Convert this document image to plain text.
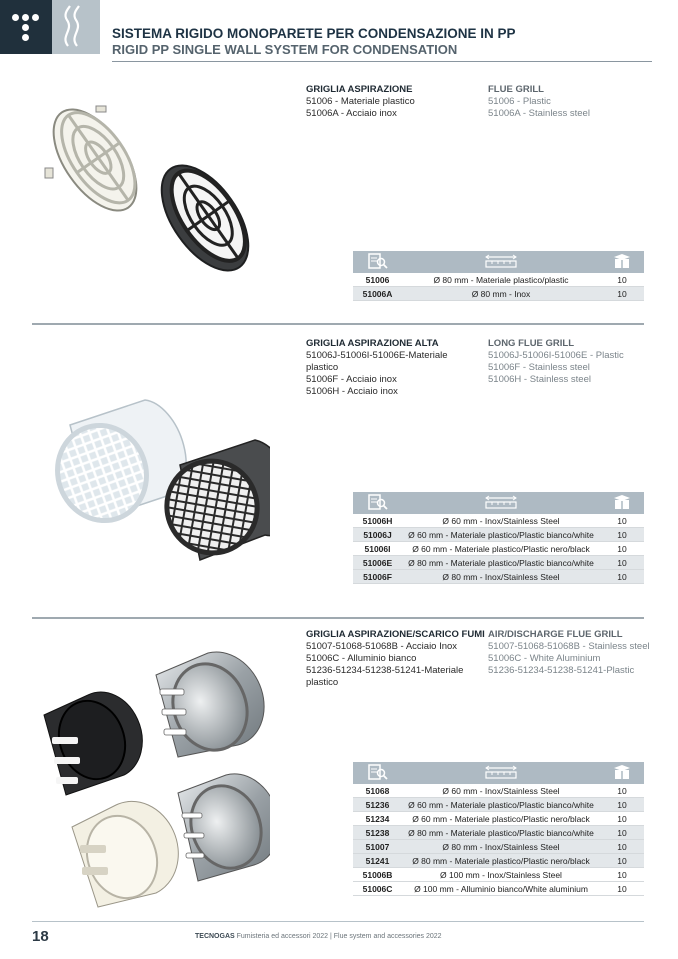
SISTEMA RIGIDO MONOPARETE PER CONDENSAZIONE IN PP
RIGID PP SINGLE WALL SYSTEM FOR CONDENSATION
GRIGLIA ASPIRAZIONE
51006 - Materiale plastico
51006A - Acciaio inox
FLUE GRILL
51006 - Plastic
51006A - Stainless steel

51006	Ø 80 mm - Materiale plastico/plastic	10
51006A	Ø 80 mm - Inox	10
GRIGLIA ASPIRAZIONE ALTA
51006J-51006I-51006E-Materiale
plastico
51006F - Acciaio inox
51006H - Acciaio inox
LONG FLUE GRILL
51006J-51006I-51006E - Plastic
51006F - Stainless steel
51006H - Stainless steel

51006H	Ø 60 mm - Inox/Stainless Steel	10
51006J	Ø 60 mm - Materiale plastico/Plastic bianco/white	10
51006I	Ø 60 mm - Materiale plastico/Plastic nero/black	10
51006E	Ø 80 mm - Materiale plastico/Plastic bianco/white	10
51006F	Ø 80 mm - Inox/Stainless Steel	10
GRIGLIA ASPIRAZIONE/SCARICO FUMI
51007-51068-51068B - Acciaio Inox
51006C - Alluminio bianco
51236-51234-51238-51241-Materiale
plastico
AIR/DISCHARGE FLUE GRILL
51007-51068-51068B - Stainless steel
51006C - White Aluminium
51236-51234-51238-51241-Plastic

51068	Ø 60 mm - Inox/Stainless Steel	10
51236	Ø 60 mm - Materiale plastico/Plastic bianco/white	10
51234	Ø 60 mm - Materiale plastico/Plastic nero/black	10
51238	Ø 80 mm - Materiale plastico/Plastic bianco/white	10
51007	Ø 80 mm - Inox/Stainless Steel	10
51241	Ø 80 mm - Materiale plastico/Plastic nero/black	10
51006B	Ø 100 mm - Inox/Stainless Steel	10
51006C	Ø 100 mm - Alluminio bianco/White aluminium	10
18	TECNOGAS Fumisteria ed accessori 2022 | Flue system and accessories 2022
